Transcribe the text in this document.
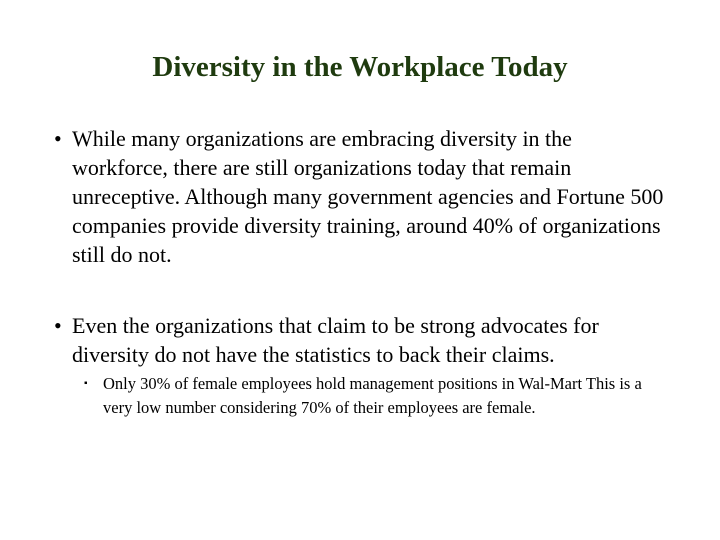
Diversity in the Workplace Today
• While many organizations are embracing diversity in the workforce, there are still organizations today that remain unreceptive. Although many government agencies and Fortune 500 companies provide diversity training, around 40% of organizations still do not.
• Even the organizations that claim to be strong advocates for diversity do not have the statistics to back their claims.
▪ Only 30% of female employees hold management positions in Wal-Mart This is a very low number considering 70% of their employees are female.
